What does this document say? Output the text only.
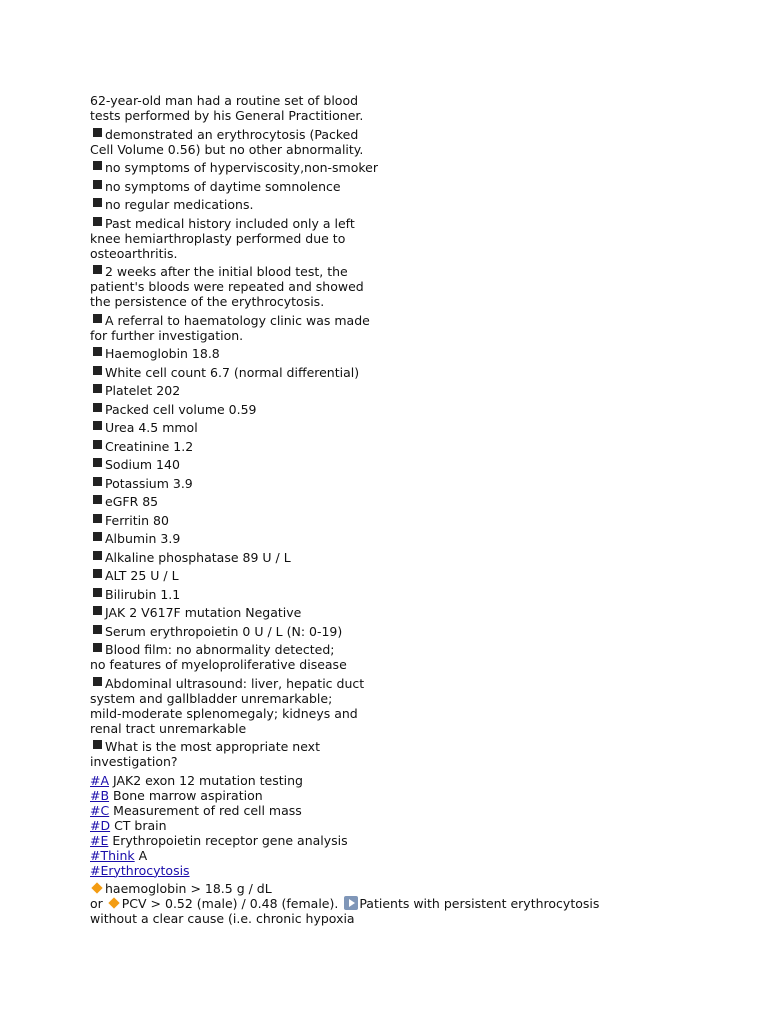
62-year-old man had a routine set of blood
tests performed by his General Practitioner.
demonstrated an erythrocytosis (Packed
Cell Volume 0.56) but no other abnormality.
no symptoms of hyperviscosity,non-smoker
no symptoms of daytime somnolence
no regular medications.
Past medical history included only a left
knee hemiarthroplasty performed due to
osteoarthritis.
2 weeks after the initial blood test, the
patient's bloods were repeated and showed
the persistence of the erythrocytosis.
A referral to haematology clinic was made
for further investigation.
Haemoglobin 18.8
White cell count 6.7 (normal differential)
Platelet 202
Packed cell volume 0.59
Urea 4.5 mmol
Creatinine 1.2
Sodium 140
Potassium 3.9
eGFR 85
Ferritin 80
Albumin 3.9
Alkaline phosphatase 89 U / L
ALT 25 U / L
Bilirubin 1.1
JAK 2 V617F mutation Negative
Serum erythropoietin 0 U / L (N: 0-19)
Blood film: no abnormality detected;
no features of myeloproliferative disease
Abdominal ultrasound: liver, hepatic duct
system and gallbladder unremarkable;
mild-moderate splenomegaly; kidneys and
renal tract unremarkable
What is the most appropriate next
investigation?
#A JAK2 exon 12 mutation testing
#B Bone marrow aspiration
#C Measurement of red cell mass
#D CT brain
#E Erythropoietin receptor gene analysis
#Think A
#Erythrocytosis
haemoglobin > 18.5 g / dL
or PCV > 0.52 (male) / 0.48 (female). Patients with persistent erythrocytosis
without a clear cause (i.e. chronic hypoxia
